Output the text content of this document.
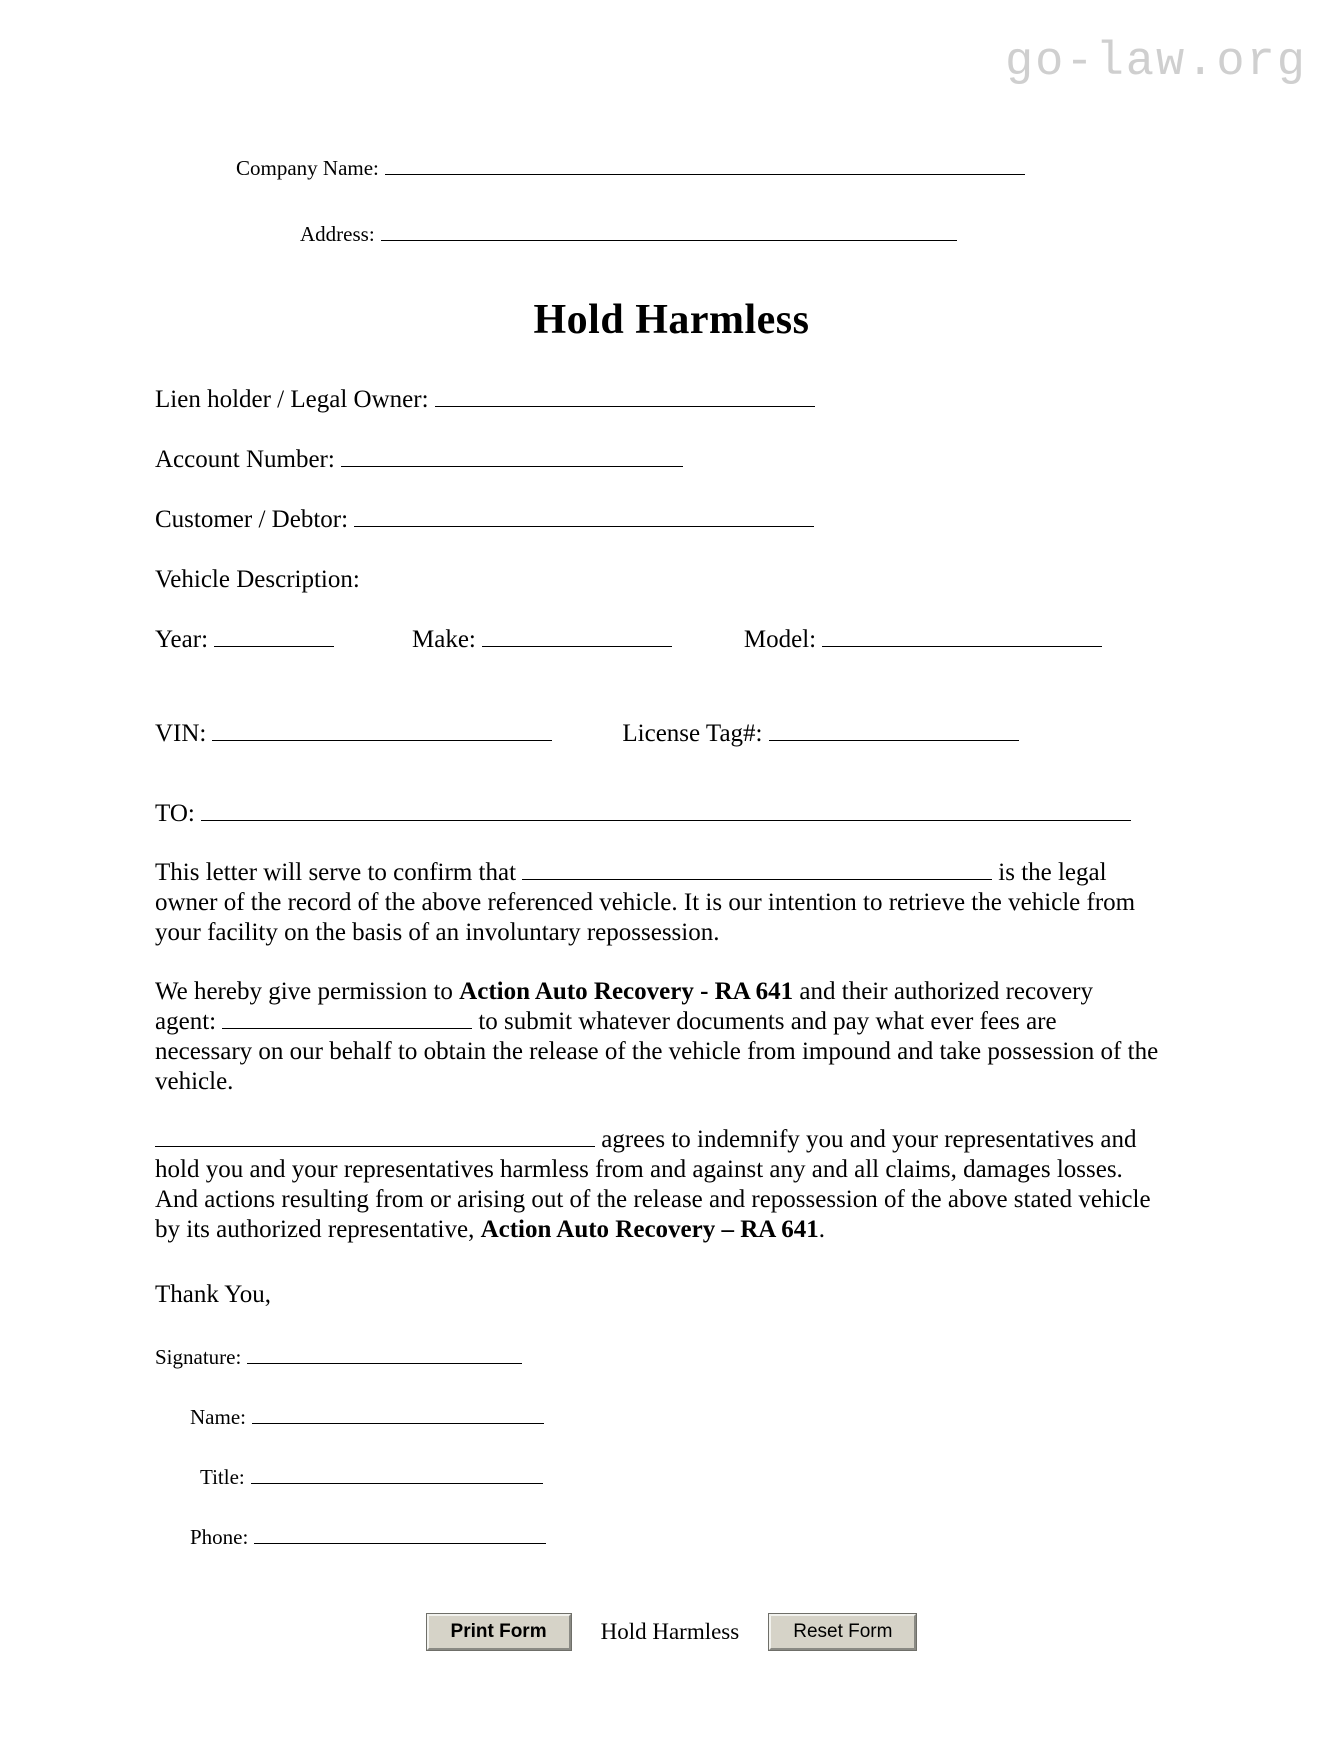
go-law.org
Company Name:
Address:
Hold Harmless
Lien holder / Legal Owner:
Account Number:
Customer / Debtor:
Vehicle Description:
Year:	Make:	Model:
VIN:	License Tag#:
TO:
This letter will serve to confirm that	is the legal owner of the record of the above referenced vehicle. It is our intention to retrieve the vehicle from your facility on the basis of an involuntary repossession.
We hereby give permission to Action Auto Recovery - RA 641 and their authorized recovery agent:	to submit whatever documents and pay what ever fees are necessary on our behalf to obtain the release of the vehicle from impound and take possession of the vehicle.
agrees to indemnify you and your representatives and hold you and your representatives harmless from and against any and all claims, damages losses. And actions resulting from or arising out of the release and repossession of the above stated vehicle by its authorized representative, Action Auto Recovery – RA 641.
Thank You,
Signature:
Name:
Title:
Phone:
Print Form	Hold Harmless	Reset Form
